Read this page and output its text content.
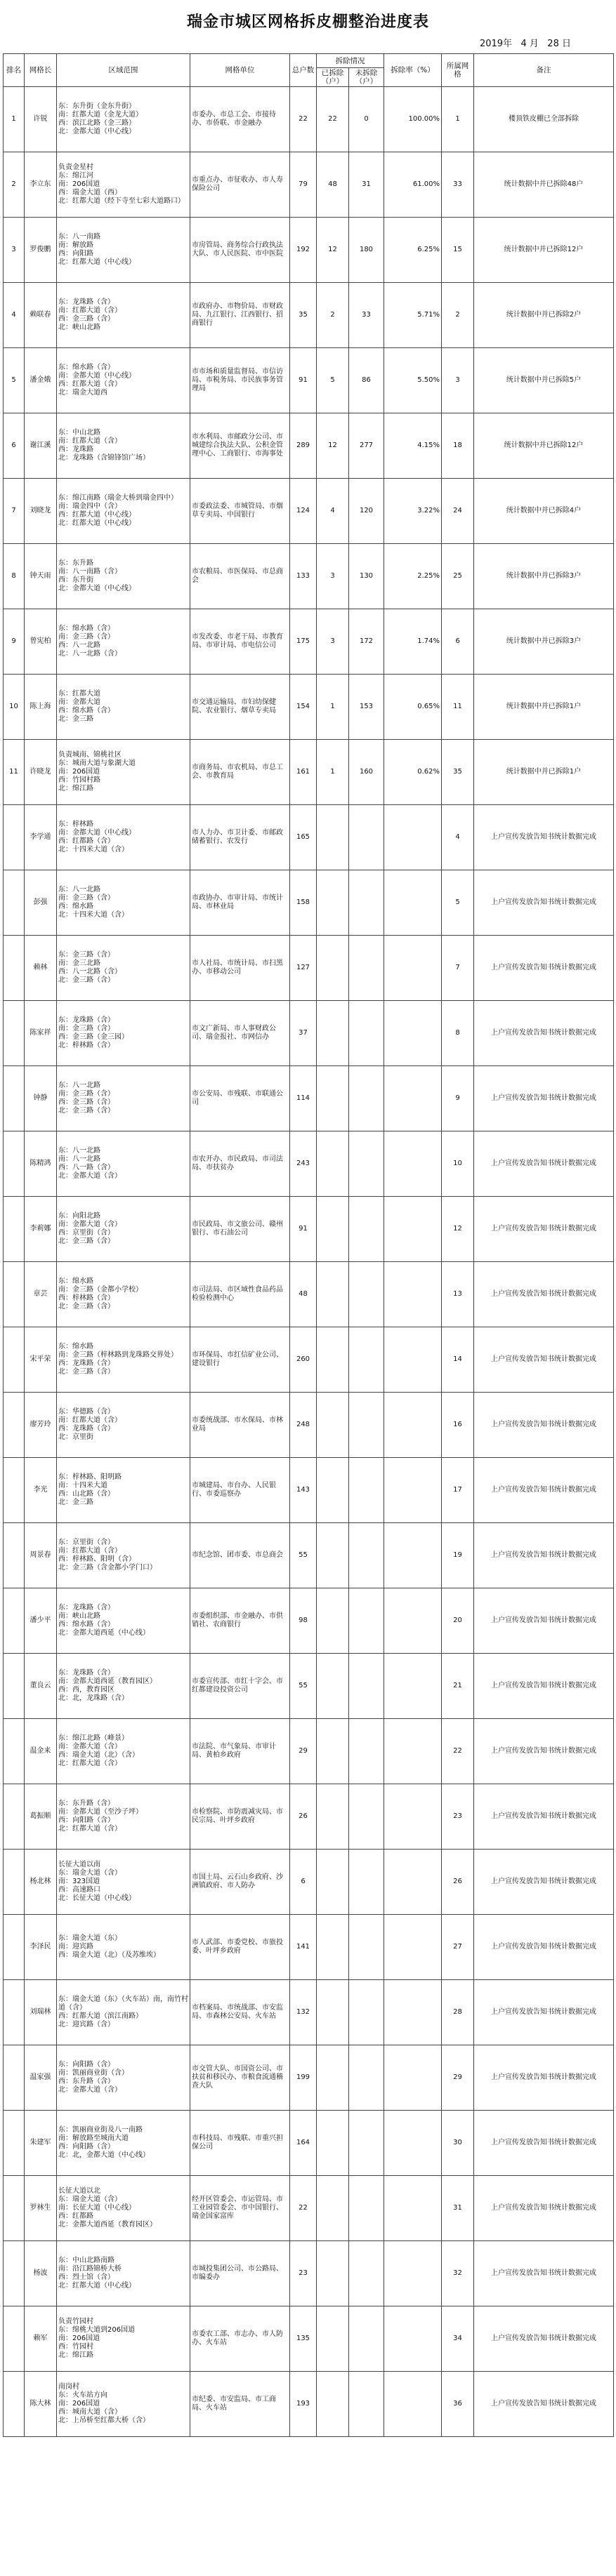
瑞金市城区网格拆皮棚整治进度表
2019年 4 月 28 日
排名	网格长	区域范围	网格单位	总户数	拆除情况		拆除率（%）	所属网格	备注
					已拆除（户）	未拆除（户）			
1	许锐	东：东升街（金东升街）
南：红都大道（金龙大道）
西：滨江北路（金三路）
北：金都大道（中心线）	市委办、市总工会、市接待办、市侨联、市金融办	22	22	0	100.00%	1	楼顶铁皮棚已全部拆除
2	李立东	负责金星村
东：绵江河
南：206国道
西：瑞金大道（西）
北：红都大道（经下寺至七彩大道路口）	市重点办、市征收办、市人寿保险公司	79	48	31	61.00%	33	统计数据中并已拆除48户
3	罗俊鹏	东：八一南路
南：解放路
西：向阳路
北：红都大道（中心线）	市房管局、商务综合行政执法大队、市人民医院、市中医院	192	12	180	6.25%	15	统计数据中并已拆除12户
4	赖联春	东：龙珠路（含）
南：红都大道（含）
西：金三路（含）
北：峡山北路	市政府办、市物价局、市财政局、九江银行、江西银行、招商银行	35	2	33	5.71%	2	统计数据中并已拆除2户
5	潘金娥	东：绵水路（含）
南：金都大道（中心线）
西：红都大道（含）
北：瑞金大道西	市市场和质量监督局、市信访局、市税务局、市民族事务管理局	91	5	86	5.50%	3	统计数据中并已拆除5户
6	谢江溪	东：中山北路
南：红都大道（含）
西：龙珠路
北：龙珠路（含锦锋馆广场）	市水利局、市邮政分公司、市城建综合执法大队、公积金管理中心、工商银行、市海事处	289	12	277	4.15%	18	统计数据中并已拆除12户
7	刘晓龙	东：绵江南路（瑞金大桥到瑞金四中）
南：瑞金四中（含）
西：红都大道（中心线）
北：红都大道（中心线）	市委政法委、市城管局、市烟草专卖局、中国银行	124	4	120	3.22%	24	统计数据中并已拆除4户
8	钟天雨	东：东升路
南：八一南路（含）
西：东升街
北：金都大道（中心线）	市农粮局、市医保局、市总商会	133	3	130	2.25%	25	统计数据中并已拆除3户
9	曾宪柏	东：绵水路（含）
南：金三路（含）
西：八一北路
北：八一北路（含）	市发改委、市老干局、市教育局、市审计局、市电信公司	175	3	172	1.74%	6	统计数据中并已拆除3户
10	陈上海	东：红都大道
南：金都大道
西：绵水路（含）
北：金三路	市交通运输局、市妇幼保健院、农业银行、烟草专卖局	154	1	153	0.65%	11	统计数据中并已拆除1户
11	许晓龙	负责城南、锦桃社区
东：城南大道与象湖大道
南：206国道
西：竹园村路
北：绵江路	市商务局、市农机局、市总工会、市教育局	161	1	160	0.62%	35	统计数据中并已拆除1户
	李学通	东：梓林路
南：金都大道（中心线）
西：红都路（含）
北：十四米大道（含）	市人力办、市卫计委、市邮政储蓄银行、农发行	165				4	上户宣传发放告知书统计数据完成
	彭强	东：八一北路
南：金三路（含）
西：绵水路
北：十四米大道（含）	市政协办、市审计局、市统计局、市林业局	158				5	上户宣传发放告知书统计数据完成
	赖林	东：金三路（含）
南：金三北路
西：八一北路（含）
北：金三路（含）	市人社局、市统计局、市扫黑办、市移动公司	127				7	上户宣传发放告知书统计数据完成
	陈家祥	东：龙珠路（含）
南：金三路（含）
西：金三路（金三园）
北：梓林路（含）	市文广新局、市人事财政公司、瑞金报社、市网信办	37				8	上户宣传发放告知书统计数据完成
	钟静	东：八一北路
南：金三路（含）
西：金三路（含）
北：金三路（含）	市公安局、市残联、市联通公司	114				9	上户宣传发放告知书统计数据完成
	陈精鸿	东：八一北路
南：八一北路
西：八一路（含）
北：金都大道（含）	市农开办、市民政局、市司法局、市扶贫办	243				10	上户宣传发放告知书统计数据完成
	李莉娜	东：向阳北路
南：金都大道（含）
西：京里街（含）
北：金三路（含）	市民政局、市文旅公司、赣州银行、市石油公司	91				12	上户宣传发放告知书统计数据完成
	章芸	东：绵水路
南：金三路（金都小学校）
西：梓林路（含）
北：金三路（含）	市司法局、市区域性食品药品检验检测中心	48				13	上户宣传发放告知书统计数据完成
	宋平荣	东：绵水路
南：金三路（梓林路到龙珠路交界处）
西：龙珠路（含）
北：金三路（含）	市环保局、市红信矿业公司、建设银行	260				14	上户宣传发放告知书统计数据完成
	廖芳玲	东：华德路（含）
南：红都大道（含）
西：龙珠路（含）
北：京里街	市委统战部、市水保局、市林业局	248				16	上户宣传发放告知书统计数据完成
	李光	东：梓林路、阳明路
南：十四米大道
西：山北路（含）
北：金三路	市城建局、市台办、人民银行、市委巡察办	143				17	上户宣传发放告知书统计数据完成
	周景春	东：京里街（含）
南：红都大道（含）
西：梓林路、阳明（含）
北：金三路（含金都小学门口）	市纪念馆、团市委、市总商会	55				19	上户宣传发放告知书统计数据完成
	潘少平	东：龙珠路（含）
南：峡山北路
西：绵水路（含）
北：金都大道西延（中心线）	市委组织部、市金融办、市供销社、农商银行	98				20	上户宣传发放告知书统计数据完成
	董良云	东：龙珠路（含）
南：金都大道西延（教育园区）
西：西，教育园区
北：北，龙珠路（含）	市委宣传部、市红十字会、市红都建设投资公司	55				21	上户宣传发放告知书统计数据完成
	温金来	东：绵江北路（峰景）
南：金都大道（含）
西：瑞金大道（北）（含）
北：红都大道（含）	市法院、市气象局、市审计局、黄柏乡政府	29				22	上户宣传发放告知书统计数据完成
	葛振顺	东：东升路（含）
南：金都大道（至沙子坪）
西：向阳路（含）
北：红都大道（含）	市检察院、市防震减灾局、市民宗局、叶坪乡政府	26				23	上户宣传发放告知书统计数据完成
	杨北林	长征大道以南
东：瑞金大道（含）
南：323国道
西：高速路口
北：长征大道（中心线）	市国土局、云石山乡政府、沙洲镇政府、市人防办	6				26	上户宣传发放告知书统计数据完成
	李泽民	东：瑞金大道（东）
南：迎宾路
西：瑞金大道（北）（及苏维埃）	市人武部、市委党校、市旅投委、叶坪乡政府	141				27	上户宣传发放告知书统计数据完成
	刘瑞林	东：瑞金大道（东）（火车站）南，南竹村道（含）
西：红都大道（滨江南路）
北：迎宾路（含）	市档案局、市统战部、市安监局、市森林公安局、火车站	132				28	上户宣传发放告知书统计数据完成
	温家强	东：向阳路（含）
南：凯丽商业街（含）
西：东升路（含）
北：金都大道（含）	市交管大队、市国资公司、市扶贫和移民办、市粮食流通稽查大队	199				29	上户宣传发放告知书统计数据完成
	朱建军	东：凯丽商业街及八一南路
南：解放路至城南大道
西：向阳路（含）
北：北，金都大道（中心线）	市科技局、市残联、市重兴担保公司	164				30	上户宣传发放告知书统计数据完成
	罗林生	长征大道以北
东：瑞金大道（含）
南：长征大道（中心线）
西：红都路
北：金都大道西延（教育园区）	经开区管委会、市运管局、市工业园管委会、市中国银行、瑞金国家富库	22				31	上户宣传发放告知书统计数据完成
	杨波	东：中山北路南路
南：沿江路锦桥大桥
西：烈士馆（含）
北：红都大道（中心线）	市城投集团公司、市公路局、市编委办	23				32	上户宣传发放告知书统计数据完成
	赖军	负责竹园村
东：绵桃大道到206国道
南：206国道
西：竹园村
北：绵江路	市委农工部、市志办、市人防办、火车站	135				34	上户宣传发放告知书统计数据完成
	陈大林	南岗村
东：火车站方向
南：206国道
西：城南大道（含）
北：上吊桥至红都大桥（含）	市纪委、市安监局、市工商局、火车站	193				36	上户宣传发放告知书统计数据完成
